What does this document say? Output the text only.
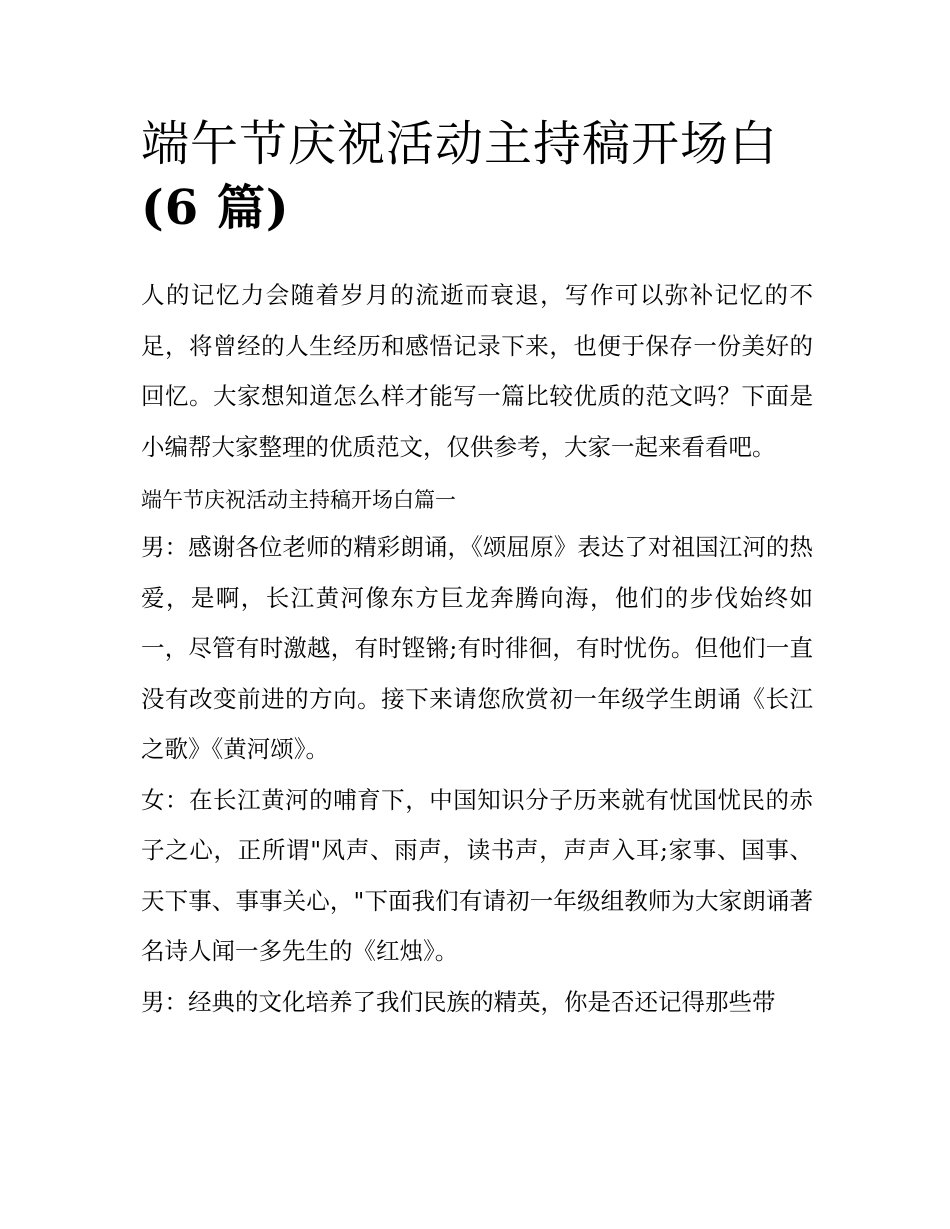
端午节庆祝活动主持稿开场白
(6 篇)

人的记忆力会随着岁月的流逝而衰退，写作可以弥补记忆的不足，将曾经的人生经历和感悟记录下来，也便于保存一份美好的回忆。大家想知道怎么样才能写一篇比较优质的范文吗？下面是小编帮大家整理的优质范文，仅供参考，大家一起来看看吧。

端午节庆祝活动主持稿开场白篇一

男：感谢各位老师的精彩朗诵，《颂屈原》表达了对祖国江河的热爱，是啊，长江黄河像东方巨龙奔腾向海，他们的步伐始终如一，尽管有时激越，有时铿锵;有时徘徊，有时忧伤。但他们一直没有改变前进的方向。接下来请您欣赏初一年级学生朗诵《长江之歌》《黄河颂》。

女：在长江黄河的哺育下，中国知识分子历来就有忧国忧民的赤子之心，正所谓"风声、雨声，读书声，声声入耳;家事、国事、天下事、事事关心，"下面我们有请初一年级组教师为大家朗诵著名诗人闻一多先生的《红烛》。

男：经典的文化培养了我们民族的精英，你是否还记得那些带
